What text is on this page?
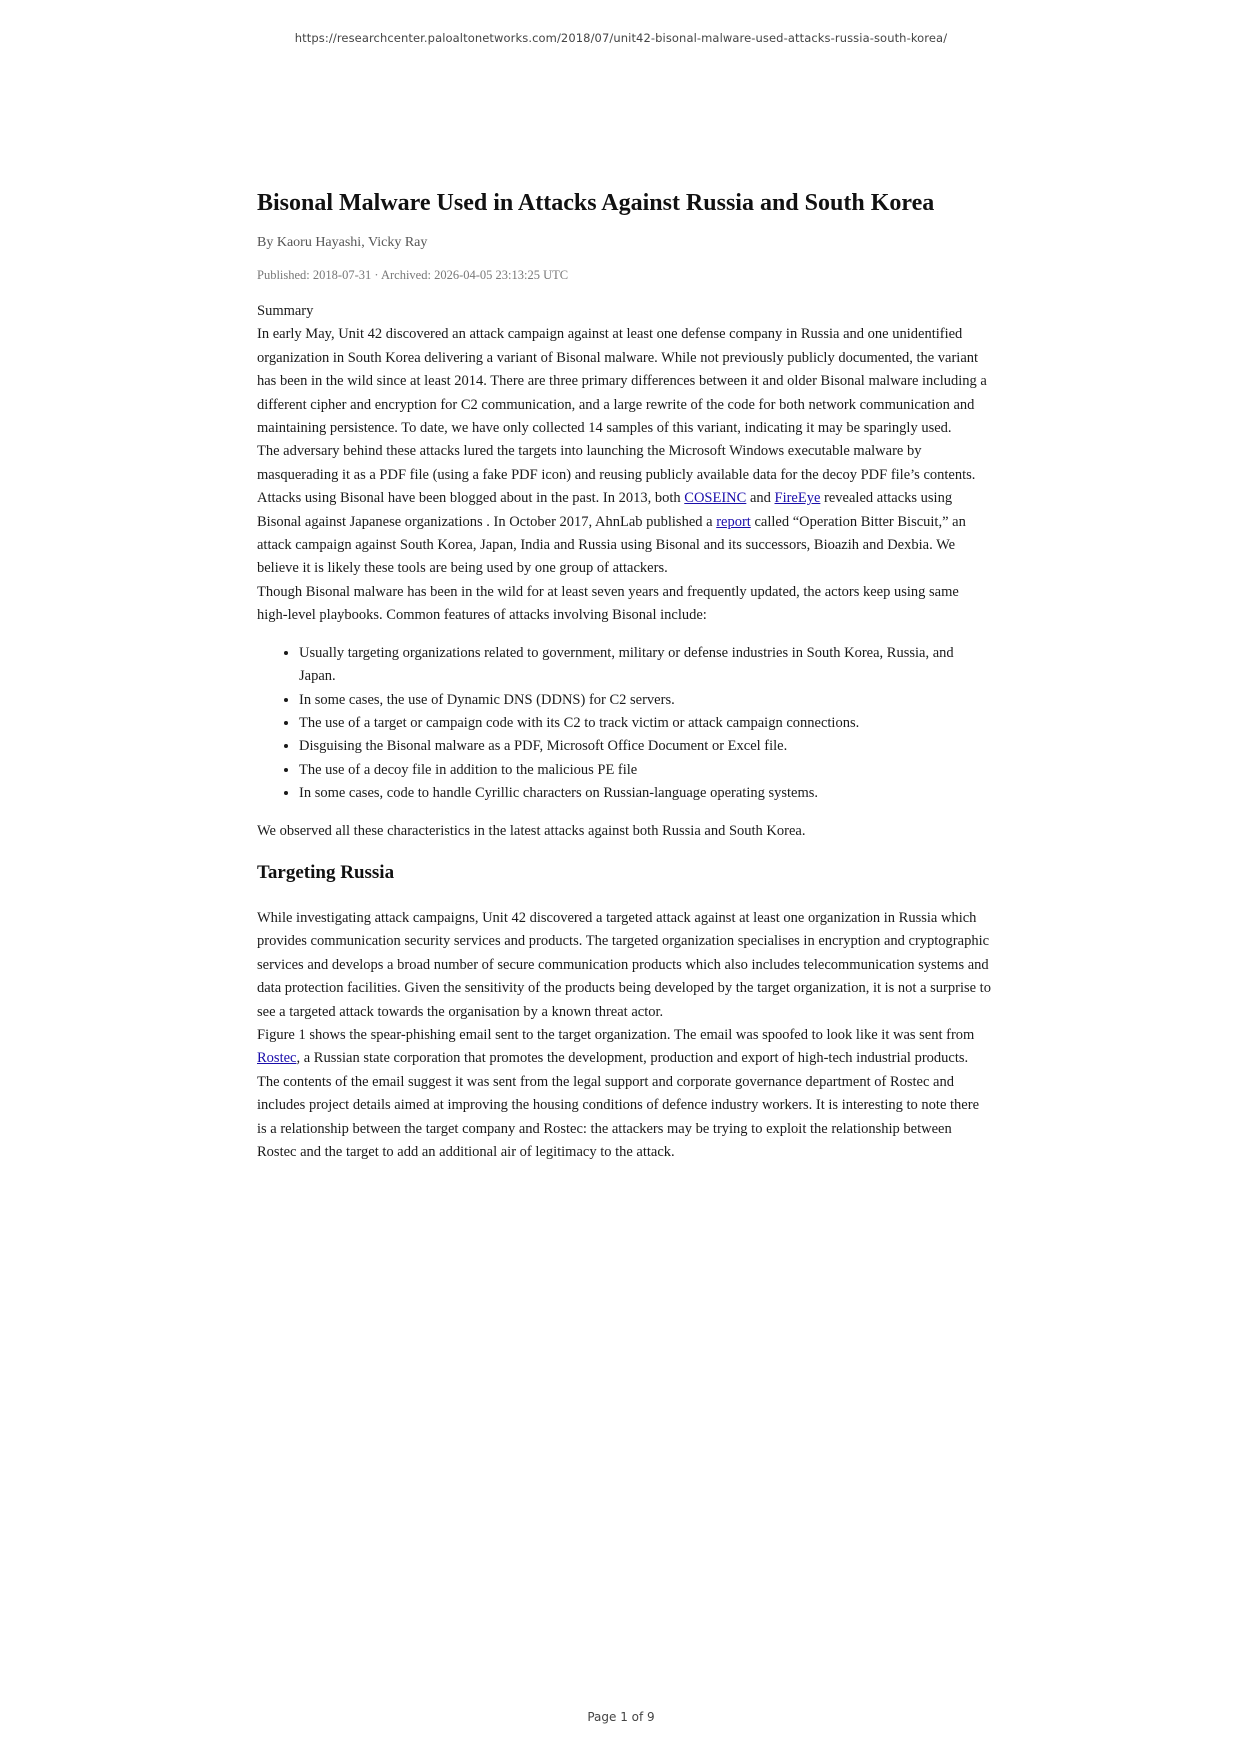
https://researchcenter.paloaltonetworks.com/2018/07/unit42-bisonal-malware-used-attacks-russia-south-korea/
Bisonal Malware Used in Attacks Against Russia and South Korea
By Kaoru Hayashi, Vicky Ray
Published: 2018-07-31 · Archived: 2026-04-05 23:13:25 UTC
Summary

In early May, Unit 42 discovered an attack campaign against at least one defense company in Russia and one unidentified organization in South Korea delivering a variant of Bisonal malware. While not previously publicly documented, the variant has been in the wild since at least 2014. There are three primary differences between it and older Bisonal malware including a different cipher and encryption for C2 communication, and a large rewrite of the code for both network communication and maintaining persistence. To date, we have only collected 14 samples of this variant, indicating it may be sparingly used.

The adversary behind these attacks lured the targets into launching the Microsoft Windows executable malware by masquerading it as a PDF file (using a fake PDF icon) and reusing publicly available data for the decoy PDF file’s contents.

Attacks using Bisonal have been blogged about in the past. In 2013, both COSEINC and FireEye revealed attacks using Bisonal against Japanese organizations . In October 2017, AhnLab published a report called “Operation Bitter Biscuit,” an attack campaign against South Korea, Japan, India and Russia using Bisonal and its successors, Bioazih and Dexbia. We believe it is likely these tools are being used by one group of attackers.

Though Bisonal malware has been in the wild for at least seven years and frequently updated, the actors keep using same high-level playbooks. Common features of attacks involving Bisonal include:

• Usually targeting organizations related to government, military or defense industries in South Korea, Russia, and Japan.
• In some cases, the use of Dynamic DNS (DDNS) for C2 servers.
• The use of a target or campaign code with its C2 to track victim or attack campaign connections.
• Disguising the Bisonal malware as a PDF, Microsoft Office Document or Excel file.
• The use of a decoy file in addition to the malicious PE file
• In some cases, code to handle Cyrillic characters on Russian-language operating systems.

We observed all these characteristics in the latest attacks against both Russia and South Korea.

Targeting Russia

While investigating attack campaigns, Unit 42 discovered a targeted attack against at least one organization in Russia which provides communication security services and products. The targeted organization specialises in encryption and cryptographic services and develops a broad number of secure communication products which also includes telecommunication systems and data protection facilities. Given the sensitivity of the products being developed by the target organization, it is not a surprise to see a targeted attack towards the organisation by a known threat actor.

Figure 1 shows the spear-phishing email sent to the target organization. The email was spoofed to look like it was sent from Rostec, a Russian state corporation that promotes the development, production and export of high-tech industrial products. The contents of the email suggest it was sent from the legal support and corporate governance department of Rostec and includes project details aimed at improving the housing conditions of defence industry workers. It is interesting to note there is a relationship between the target company and Rostec: the attackers may be trying to exploit the relationship between Rostec and the target to add an additional air of legitimacy to the attack.

Page 1 of 9
